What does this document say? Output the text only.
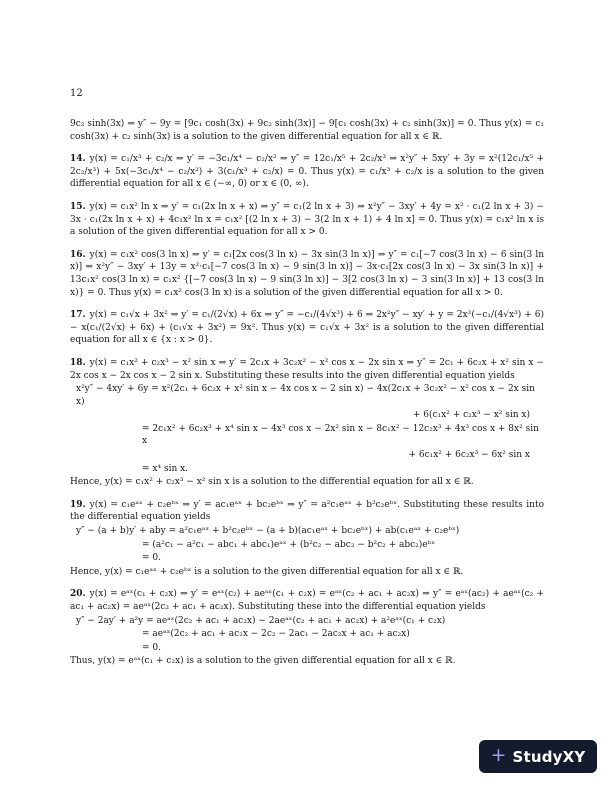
12

9c₂ sinh(3x) ⇒ y″ − 9y = [9c₁ cosh(3x) + 9c₂ sinh(3x)] − 9[c₁ cosh(3x) + c₂ sinh(3x)] = 0. Thus y(x) = c₁ cosh(3x) + c₂ sinh(3x) is a solution to the given differential equation for all x ∈ ℝ.

14. y(x) = c₁/x³ + c₂/x ⇒ y′ = −3c₁/x⁴ − c₂/x² ⇒ y″ = 12c₁/x⁵ + 2c₂/x³ ⇒ x²y″ + 5xy′ + 3y = x²(12c₁/x⁵ + 2c₂/x³) + 5x(−3c₁/x⁴ − c₂/x²) + 3(c₁/x³ + c₂/x) = 0. Thus y(x) = c₁/x³ + c₂/x is a solution to the given differential equation for all x ∈ (−∞, 0) or x ∈ (0, ∞).

15. y(x) = c₁x² ln x ⇒ y′ = c₁(2x ln x + x) ⇒ y″ = c₁(2 ln x + 3) ⇒ x²y″ − 3xy′ + 4y = x² · c₁(2 ln x + 3) − 3x · c₁(2x ln x + x) + 4c₁x² ln x = c₁x² [(2 ln x + 3) − 3(2 ln x + 1) + 4 ln x] = 0. Thus y(x) = c₁x² ln x is a solution of the given differential equation for all x > 0.

16. y(x) = c₁x² cos(3 ln x) ⇒ y′ = c₁[2x cos(3 ln x) − 3x sin(3 ln x)] ⇒ y″ = c₁[−7 cos(3 ln x) − 6 sin(3 ln x)] ⇒ x²y″ − 3xy′ + 13y = x²·c₁[−7 cos(3 ln x) − 9 sin(3 ln x)] − 3x·c₁[2x cos(3 ln x) − 3x sin(3 ln x)] + 13c₁x² cos(3 ln x) = c₁x² {[−7 cos(3 ln x) − 9 sin(3 ln x)] − 3[2 cos(3 ln x) − 3 sin(3 ln x)] + 13 cos(3 ln x)} = 0. Thus y(x) = c₁x² cos(3 ln x) is a solution of the given differential equation for all x > 0.

17. y(x) = c₁√x + 3x² ⇒ y′ = c₁/(2√x) + 6x ⇒ y″ = −c₁/(4√x³) + 6 ⇒ 2x²y″ − xy′ + y = 2x²(−c₁/(4√x³) + 6) − x(c₁/(2√x) + 6x) + (c₁√x + 3x²) = 9x². Thus y(x) = c₁√x + 3x² is a solution to the given differential equation for all x ∈ {x : x > 0}.

18. y(x) = c₁x² + c₂x³ − x² sin x ⇒ y′ = 2c₁x + 3c₂x² − x² cos x − 2x sin x ⇒ y″ = 2c₁ + 6c₂x + x² sin x − 2x cos x − 2x cos x − 2 sin x. Substituting these results into the given differential equation yields

x²y″ − 4xy′ + 6y = x²(2c₁ + 6c₂x + x² sin x − 4x cos x − 2 sin x) − 4x(2c₁x + 3c₂x² − x² cos x − 2x sin x)
+ 6(c₁x² + c₂x³ − x² sin x)
= 2c₁x² + 6c₂x³ + x⁴ sin x − 4x³ cos x − 2x² sin x − 8c₁x² − 12c₂x³ + 4x³ cos x + 8x² sin x
+ 6c₁x² + 6c₂x³ − 6x² sin x
= x⁴ sin x.

Hence, y(x) = c₁x² + c₂x³ − x² sin x is a solution to the differential equation for all x ∈ ℝ.

19. y(x) = c₁eᵃˣ + c₂eᵇˣ ⇒ y′ = ac₁eᵃˣ + bc₂eᵇˣ ⇒ y″ = a²c₁eᵃˣ + b²c₂eᵇˣ. Substituting these results into the differential equation yields

y″ − (a + b)y′ + aby = a²c₁eᵃˣ + b²c₂eᵇˣ − (a + b)(ac₁eᵃˣ + bc₂eᵇˣ) + ab(c₁eᵃˣ + c₂eᵇˣ)
= (a²c₁ − a²c₁ − abc₁ + abc₁)eᵃˣ + (b²c₂ − abc₂ − b²c₂ + abc₂)eᵇˣ
= 0.

Hence, y(x) = c₁eᵃˣ + c₂eᵇˣ is a solution to the given differential equation for all x ∈ ℝ.

20. y(x) = eᵃˣ(c₁ + c₂x) ⇒ y′ = eᵃˣ(c₂) + aeᵃˣ(c₁ + c₂x) = eᵃˣ(c₂ + ac₁ + ac₂x) ⇒ y″ = eᵃˣ(ac₂) + aeᵃˣ(c₂ + ac₁ + ac₂x) = aeᵃˣ(2c₂ + ac₁ + ac₂x). Substituting these into the differential equation yields

y″ − 2ay′ + a²y = aeᵃˣ(2c₂ + ac₁ + ac₂x) − 2aeᵃˣ(c₂ + ac₁ + ac₂x) + a²eᵃˣ(c₁ + c₂x)
= aeᵃˣ(2c₂ + ac₁ + ac₂x − 2c₂ − 2ac₁ − 2ac₂x + ac₁ + ac₂x)
= 0.

Thus, y(x) = eᵃˣ(c₁ + c₂x) is a solution to the given differential equation for all x ∈ ℝ.

+ StudyXY
